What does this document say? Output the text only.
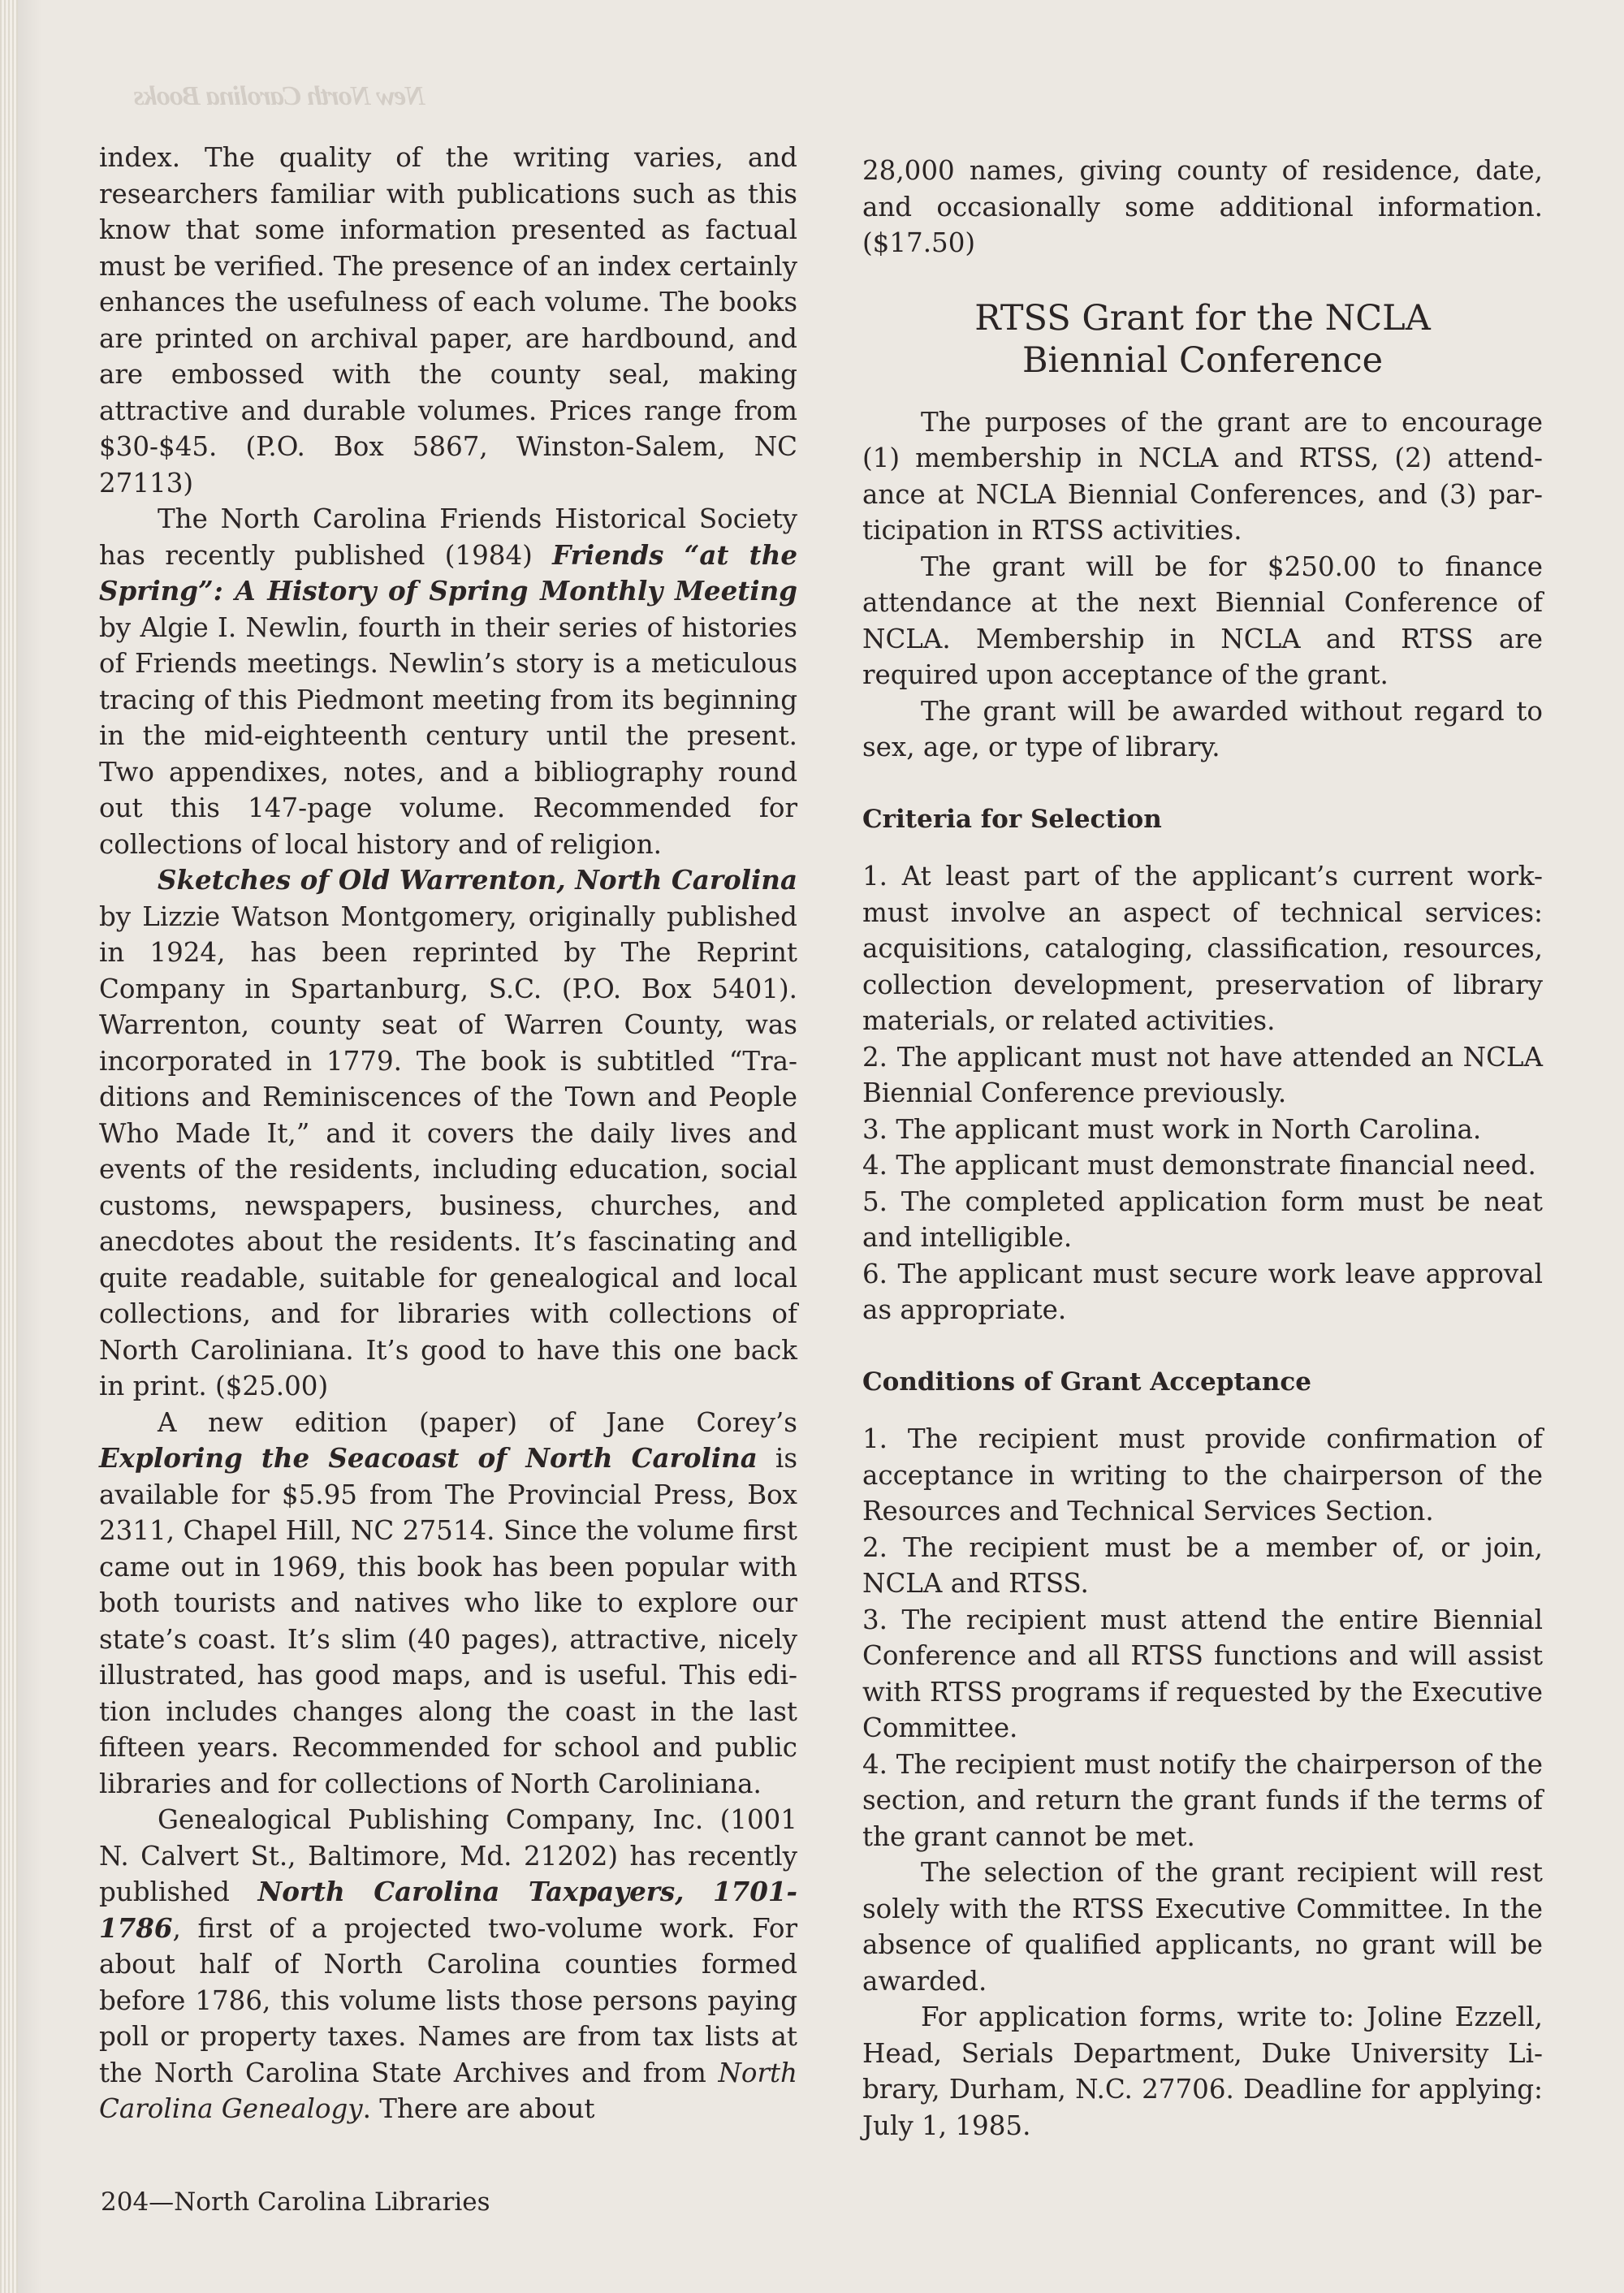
New North Carolina Books

index. The quality of the writing varies, and researchers familiar with publications such as this know that some information presented as factual must be verified. The presence of an index certainly enhances the usefulness of each volume. The books are printed on archival paper, are hardbound, and are embossed with the county seal, making attractive and durable volumes. Prices range from $30-$45. (P.O. Box 5867, Winston-Salem, NC 27113)

The North Carolina Friends Historical Society has recently published (1984) Friends “at the Spring”: A History of Spring Monthly Meeting by Algie I. Newlin, fourth in their series of histories of Friends meetings. Newlin’s story is a meticulous tracing of this Piedmont meeting from its beginning in the mid-eighteenth century until the present. Two appendixes, notes, and a bibliography round out this 147-page volume. Recommended for collections of local history and of religion.

Sketches of Old Warrenton, North Carolina by Lizzie Watson Montgomery, originally published in 1924, has been reprinted by The Reprint Company in Spartanburg, S.C. (P.O. Box 5401). Warrenton, county seat of Warren County, was incorporated in 1779. The book is subtitled “Traditions and Reminiscences of the Town and People Who Made It,” and it covers the daily lives and events of the residents, including education, social customs, newspapers, business, churches, and anecdotes about the residents. It’s fascinating and quite readable, suitable for genealogical and local collections, and for libraries with collections of North Caroliniana. It’s good to have this one back in print. ($25.00)

A new edition (paper) of Jane Corey’s Exploring the Seacoast of North Carolina is available for $5.95 from The Provincial Press, Box 2311, Chapel Hill, NC 27514. Since the volume first came out in 1969, this book has been popular with both tourists and natives who like to explore our state’s coast. It’s slim (40 pages), attractive, nicely illustrated, has good maps, and is useful. This edition includes changes along the coast in the last fifteen years. Recommended for school and public libraries and for collections of North Caroliniana.

Genealogical Publishing Company, Inc. (1001 N. Calvert St., Baltimore, Md. 21202) has recently published North Carolina Taxpayers, 1701-1786, first of a projected two-volume work. For about half of North Carolina counties formed before 1786, this volume lists those persons paying poll or property taxes. Names are from tax lists at the North Carolina State Archives and from North Carolina Genealogy. There are about

28,000 names, giving county of residence, date, and occasionally some additional information. ($17.50)

RTSS Grant for the NCLA
Biennial Conference

The purposes of the grant are to encourage (1) membership in NCLA and RTSS, (2) attendance at NCLA Biennial Conferences, and (3) participation in RTSS activities.

The grant will be for $250.00 to finance attendance at the next Biennial Conference of NCLA. Membership in NCLA and RTSS are required upon acceptance of the grant.

The grant will be awarded without regard to sex, age, or type of library.

Criteria for Selection

1. At least part of the applicant’s current work- must involve an aspect of technical services: acquisitions, cataloging, classification, resources, collection development, preservation of library materials, or related activities.

2. The applicant must not have attended an NCLA Biennial Conference previously.

3. The applicant must work in North Carolina.

4. The applicant must demonstrate financial need.

5. The completed application form must be neat and intelligible.

6. The applicant must secure work leave approval as appropriate.

Conditions of Grant Acceptance

1. The recipient must provide confirmation of acceptance in writing to the chairperson of the Resources and Technical Services Section.

2. The recipient must be a member of, or join, NCLA and RTSS.

3. The recipient must attend the entire Biennial Conference and all RTSS functions and will assist with RTSS programs if requested by the Executive Committee.

4. The recipient must notify the chairperson of the section, and return the grant funds if the terms of the grant cannot be met.

The selection of the grant recipient will rest solely with the RTSS Executive Committee. In the absence of qualified applicants, no grant will be awarded.

For application forms, write to: Joline Ezzell, Head, Serials Department, Duke University Library, Durham, N.C. 27706. Deadline for applying: July 1, 1985.

204—North Carolina Libraries
